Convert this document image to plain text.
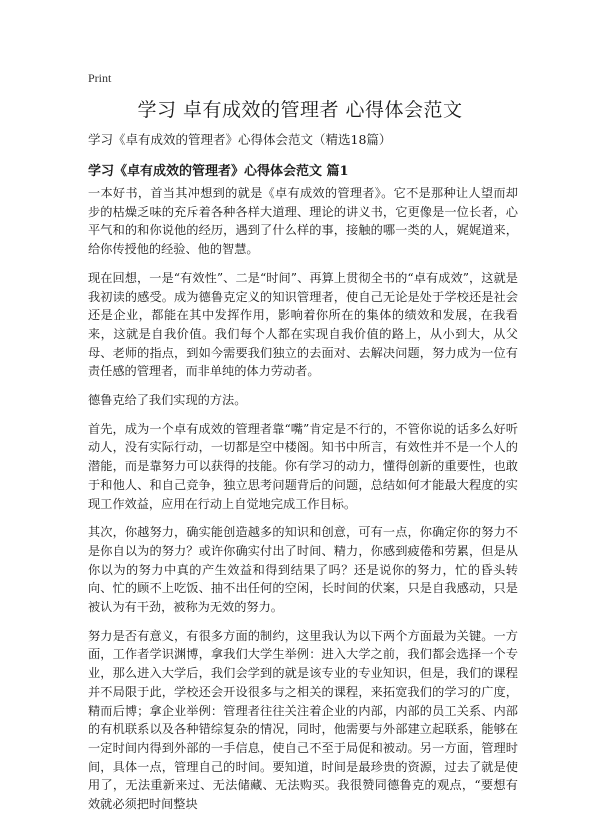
Print
学习 卓有成效的管理者 心得体会范文
学习《卓有成效的管理者》心得体会范文（精选18篇）
学习《卓有成效的管理者》心得体会范文 篇1

一本好书，首当其冲想到的就是《卓有成效的管理者》。它不是那种让人望而却步的枯燥乏味的充斥着各种各样大道理、理论的讲义书，它更像是一位长者，心平气和的和你说他的经历，遇到了什么样的事，接触的哪一类的人，娓娓道来，给你传授他的经验、他的智慧。

现在回想，一是“有效性”、二是“时间”、再算上贯彻全书的“卓有成效”，这就是我初读的感受。成为德鲁克定义的知识管理者，使自己无论是处于学校还是社会还是企业，都能在其中发挥作用，影响着你所在的集体的绩效和发展，在我看来，这就是自我价值。我们每个人都在实现自我价值的路上，从小到大，从父母、老师的指点，到如今需要我们独立的去面对、去解决问题，努力成为一位有责任感的管理者，而非单纯的体力劳动者。

德鲁克给了我们实现的方法。

首先，成为一个卓有成效的管理者靠“嘴”肯定是不行的，不管你说的话多么好听动人，没有实际行动，一切都是空中楼阁。知书中所言，有效性并不是一个人的潜能，而是靠努力可以获得的技能。你有学习的动力，懂得创新的重要性，也敢于和他人、和自己竞争，独立思考问题背后的问题，总结如何才能最大程度的实现工作效益，应用在行动上自觉地完成工作目标。

其次，你越努力，确实能创造越多的知识和创意，可有一点，你确定你的努力不是你自以为的努力？或许你确实付出了时间、精力，你感到疲倦和劳累，但是从你以为的努力中真的产生效益和得到结果了吗？还是说你的努力，忙的昏头转向、忙的顾不上吃饭、抽不出任何的空闲，长时间的伏案，只是自我感动，只是被认为有干劲，被称为无效的努力。

努力是否有意义，有很多方面的制约，这里我认为以下两个方面最为关键。一方面，工作者学识渊博，拿我们大学生举例：进入大学之前，我们都会选择一个专业，那么进入大学后，我们会学到的就是该专业的专业知识，但是，我们的课程并不局限于此，学校还会开设很多与之相关的课程，来拓宽我们的学习的广度，精而后博；拿企业举例：管理者往往关注着企业的内部，内部的员工关系、内部的有机联系以及各种错综复杂的情况，同时，他需要与外部建立起联系，能够在一定时间内得到外部的一手信息，使自己不至于局促和被动。另一方面，管理时间，具体一点，管理自己的时间。要知道，时间是最珍贵的资源，过去了就是使用了，无法重新来过、无法储藏、无法购买。我很赞同德鲁克的观点，“要想有效就必须把时间整块
